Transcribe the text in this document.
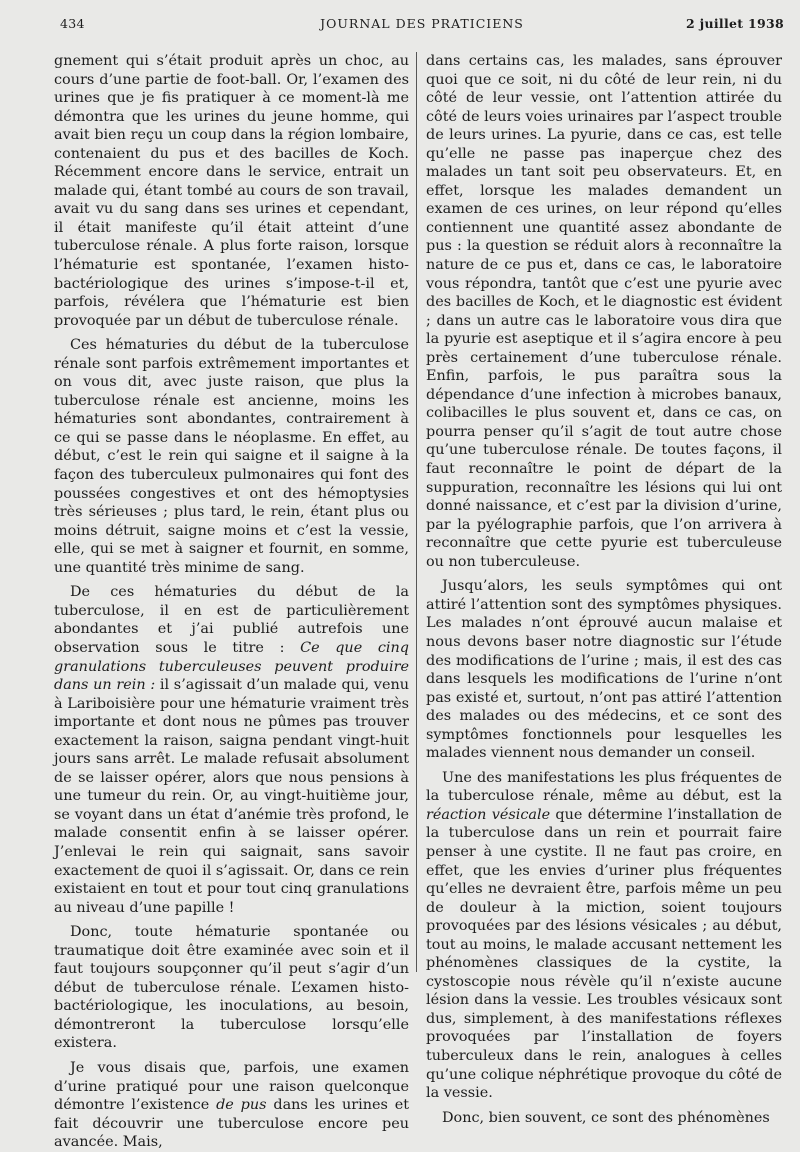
434	JOURNAL DES PRATICIENS	2 juillet 1938

gnement qui s’était produit après un choc, au cours d’une partie de foot-ball. Or, l’examen des urines que je fis pratiquer à ce moment-là me démontra que les urines du jeune homme, qui avait bien reçu un coup dans la région lombaire, contenaient du pus et des bacilles de Koch. Récemment encore dans le service, entrait un malade qui, étant tombé au cours de son travail, avait vu du sang dans ses urines et cependant, il était manifeste qu’il était atteint d’une tuberculose rénale. A plus forte raison, lorsque l’hématurie est spontanée, l’examen histo-bactériologique des urines s’impose-t-il et, parfois, révélera que l’hématurie est bien provoquée par un début de tuberculose rénale.

Ces hématuries du début de la tuberculose rénale sont parfois extrêmement importantes et on vous dit, avec juste raison, que plus la tuberculose rénale est ancienne, moins les hématuries sont abondantes, contrairement à ce qui se passe dans le néoplasme. En effet, au début, c’est le rein qui saigne et il saigne à la façon des tuberculeux pulmonaires qui font des poussées congestives et ont des hémoptysies très sérieuses ; plus tard, le rein, étant plus ou moins détruit, saigne moins et c’est la vessie, elle, qui se met à saigner et fournit, en somme, une quantité très minime de sang.

De ces hématuries du début de la tuberculose, il en est de particulièrement abondantes et j’ai publié autrefois une observation sous le titre : Ce que cinq granulations tuberculeuses peuvent produire dans un rein : il s’agissait d’un malade qui, venu à Lariboisière pour une hématurie vraiment très importante et dont nous ne pûmes pas trouver exactement la raison, saigna pendant vingt-huit jours sans arrêt. Le malade refusait absolument de se laisser opérer, alors que nous pensions à une tumeur du rein. Or, au vingt-huitième jour, se voyant dans un état d’anémie très profond, le malade consentit enfin à se laisser opérer. J’enlevai le rein qui saignait, sans savoir exactement de quoi il s’agissait. Or, dans ce rein existaient en tout et pour tout cinq granulations au niveau d’une papille !

Donc, toute hématurie spontanée ou traumatique doit être examinée avec soin et il faut toujours soupçonner qu’il peut s’agir d’un début de tuberculose rénale. L’examen histo-bactériologique, les inoculations, au besoin, démontreront la tuberculose lorsqu’elle existera.

Je vous disais que, parfois, une examen d’urine pratiqué pour une raison quelconque démontre l’existence de pus dans les urines et fait découvrir une tuberculose encore peu avancée. Mais,

dans certains cas, les malades, sans éprouver quoi que ce soit, ni du côté de leur rein, ni du côté de leur vessie, ont l’attention attirée du côté de leurs voies urinaires par l’aspect trouble de leurs urines. La pyurie, dans ce cas, est telle qu’elle ne passe pas inaperçue chez des malades un tant soit peu observateurs. Et, en effet, lorsque les malades demandent un examen de ces urines, on leur répond qu’elles contiennent une quantité assez abondante de pus : la question se réduit alors à reconnaître la nature de ce pus et, dans ce cas, le laboratoire vous répondra, tantôt que c’est une pyurie avec des bacilles de Koch, et le diagnostic est évident ; dans un autre cas le laboratoire vous dira que la pyurie est aseptique et il s’agira encore à peu près certainement d’une tuberculose rénale. Enfin, parfois, le pus paraîtra sous la dépendance d’une infection à microbes banaux, colibacilles le plus souvent et, dans ce cas, on pourra penser qu’il s’agit de tout autre chose qu’une tuberculose rénale. De toutes façons, il faut reconnaître le point de départ de la suppuration, reconnaître les lésions qui lui ont donné naissance, et c’est par la division d’urine, par la pyélographie parfois, que l’on arrivera à reconnaître que cette pyurie est tuberculeuse ou non tuberculeuse.

Jusqu’alors, les seuls symptômes qui ont attiré l’attention sont des symptômes physiques. Les malades n’ont éprouvé aucun malaise et nous devons baser notre diagnostic sur l’étude des modifications de l’urine ; mais, il est des cas dans lesquels les modifications de l’urine n’ont pas existé et, surtout, n’ont pas attiré l’attention des malades ou des médecins, et ce sont des symptômes fonctionnels pour lesquelles les malades viennent nous demander un conseil.

Une des manifestations les plus fréquentes de la tuberculose rénale, même au début, est la réaction vésicale que détermine l’installation de la tuberculose dans un rein et pourrait faire penser à une cystite. Il ne faut pas croire, en effet, que les envies d’uriner plus fréquentes qu’elles ne devraient être, parfois même un peu de douleur à la miction, soient toujours provoquées par des lésions vésicales ; au début, tout au moins, le malade accusant nettement les phénomènes classiques de la cystite, la cystoscopie nous révèle qu’il n’existe aucune lésion dans la vessie. Les troubles vésicaux sont dus, simplement, à des manifestations réflexes provoquées par l’installation de foyers tuberculeux dans le rein, analogues à celles qu’une colique néphrétique provoque du côté de la vessie.

Donc, bien souvent, ce sont des phénomènes
